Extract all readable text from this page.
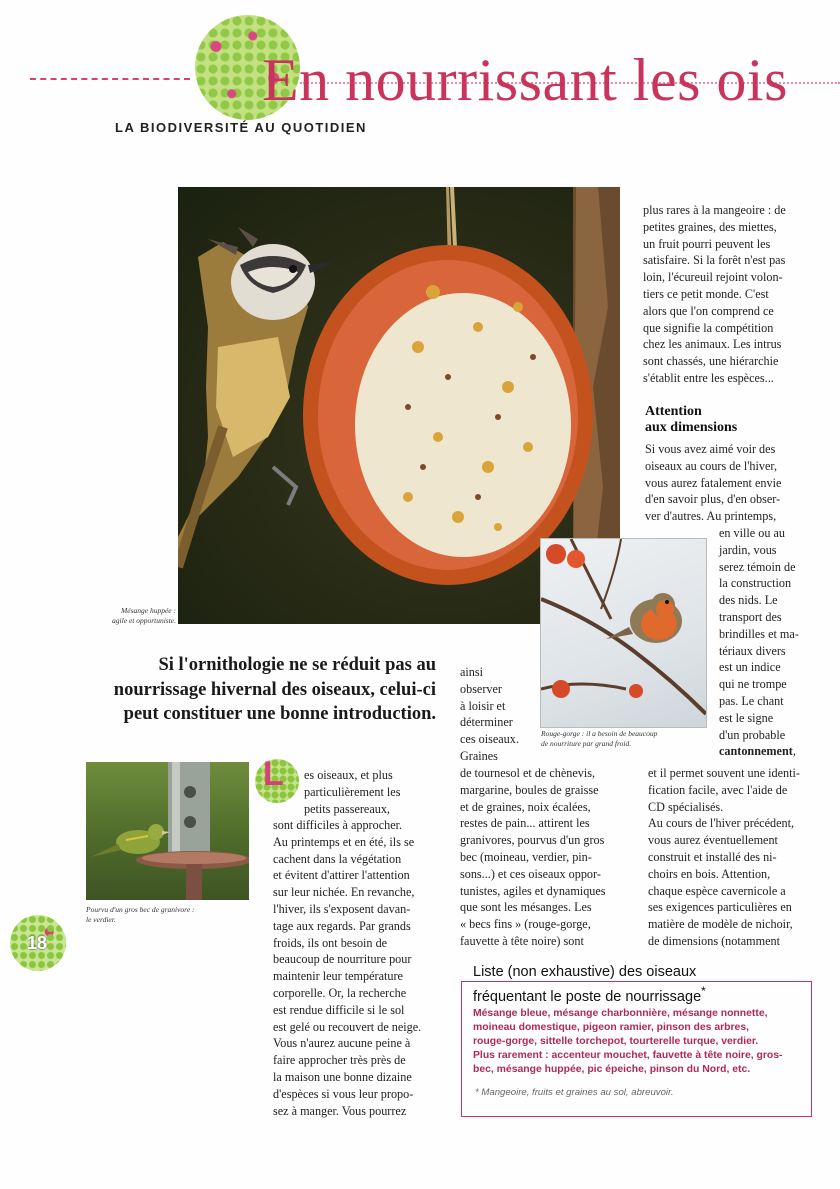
En nourrissant les ois
LA BIODIVERSITÉ AU QUOTIDIEN
Mésange huppée :
agile et opportuniste.
Rouge-gorge : il a besoin de beaucoup
de nourriture par grand froid.
Pourvu d'un gros bec de granivore :
le verdier.
Si l'ornithologie ne se réduit pas au nourrissage hivernal des oiseaux, celui-ci peut constituer une bonne introduction.

plus rares à la mangeoire : de

petites graines, des miettes,

un fruit pourri peuvent les

satisfaire. Si la forêt n'est pas

loin, l'écureuil rejoint volon-

tiers ce petit monde. C'est

alors que l'on comprend ce

que signifie la compétition

chez les animaux. Les intrus

sont chassés, une hiérarchie

s'établit entre les espèces...

Attention
aux dimensions

Si vous avez aimé voir des

oiseaux au cours de l'hiver,

vous aurez fatalement envie

d'en savoir plus, d'en obser-

ver d'autres. Au printemps,

en ville ou au

jardin, vous

serez témoin de

la construction

des nids. Le

transport des

brindilles et ma-

tériaux divers

est un indice

qui ne trompe

pas. Le chant

est le signe

d'un probable

cantonnement,

et il permet souvent une identi-

fication facile, avec l'aide de

CD spécialisés.

Au cours de l'hiver précédent,

vous aurez éventuellement

construit et installé des ni-

choirs en bois. Attention,

chaque espèce cavernicole a

ses exigences particulières en

matière de modèle de nichoir,

de dimensions (notamment

ainsi

observer

à loisir et

déterminer

ces oiseaux.

Graines

de tournesol et de chènevis,

margarine, boules de graisse

et de graines, noix écalées,

restes de pain... attirent les

granivores, pourvus d'un gros

bec (moineau, verdier, pin-

sons...) et ces oiseaux oppor-

tunistes, agiles et dynamiques

que sont les mésanges. Les

« becs fins » (rouge-gorge,

fauvette à tête noire) sont

L es oiseaux, et plus

particulièrement les

petits passereaux,

sont difficiles à approcher.

Au printemps et en été, ils se

cachent dans la végétation

et évitent d'attirer l'attention

sur leur nichée. En revanche,

l'hiver, ils s'exposent davan-

tage aux regards. Par grands

froids, ils ont besoin de

beaucoup de nourriture pour

maintenir leur température

corporelle. Or, la recherche

est rendue difficile si le sol

est gelé ou recouvert de neige.

Vous n'aurez aucune peine à

faire approcher très près de

la maison une bonne dizaine

d'espèces si vous leur propo-

sez à manger. Vous pourrez

18
Liste (non exhaustive) des oiseaux
fréquentant le poste de nourrissage*

Mésange bleue, mésange charbonnière, mésange nonnette,

moineau domestique, pigeon ramier, pinson des arbres,

rouge-gorge, sittelle torchepot, tourterelle turque, verdier.

Plus rarement : accenteur mouchet, fauvette à tête noire, gros-

bec, mésange huppée, pic épeiche, pinson du Nord, etc.

* Mangeoire, fruits et graines au sol, abreuvoir.
